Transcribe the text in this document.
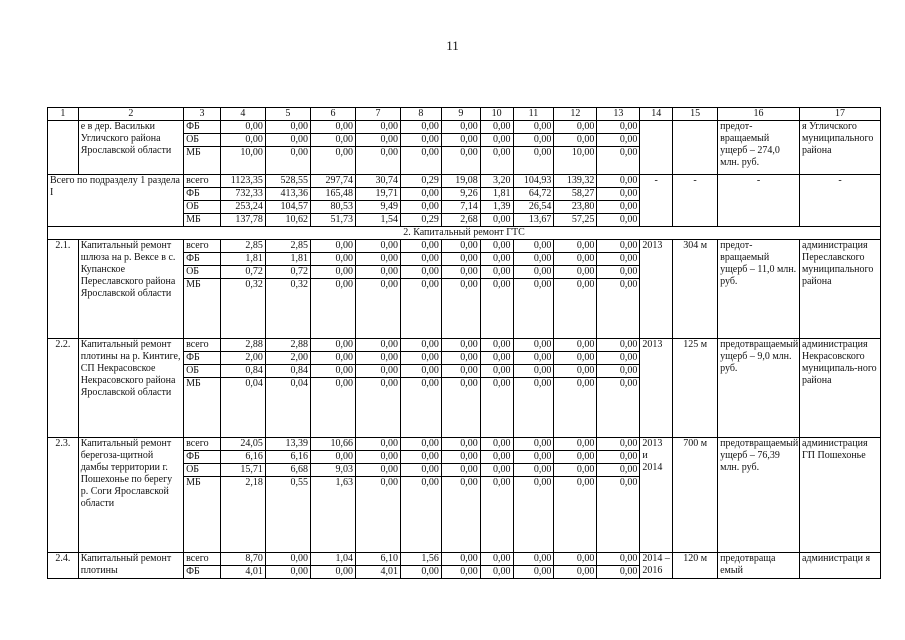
11
1	2	3	4	5	6	7	8	9	10	11	12	13	14	15	16	17
	е в дер. Васильки Угличского района Ярославской области	ФБ	0,00	0,00	0,00	0,00	0,00	0,00	0,00	0,00	0,00	0,00			предот-вращаемый ущерб – 274,0 млн. руб.	я Угличского муниципального района
		ОБ	0,00	0,00	0,00	0,00	0,00	0,00	0,00	0,00	0,00	0,00				
		МБ	10,00	0,00	0,00	0,00	0,00	0,00	0,00	0,00	10,00	0,00				
Всего по подразделу 1 раздела I		всего	1123,35	528,55	297,74	30,74	0,29	19,08	3,20	104,93	139,32	0,00	-	-	-	-
		ФБ	732,33	413,36	165,48	19,71	0,00	9,26	1,81	64,72	58,27	0,00				
		ОБ	253,24	104,57	80,53	9,49	0,00	7,14	1,39	26,54	23,80	0,00				
		МБ	137,78	10,62	51,73	1,54	0,29	2,68	0,00	13,67	57,25	0,00				
2. Капитальный ремонт ГТС																
2.1.	Капитальный ремонт шлюза на р. Вексе в с. Купанское Переславского района Ярославской области	всего	2,85	2,85	0,00	0,00	0,00	0,00	0,00	0,00	0,00	0,00	2013	304 м	предот-вращаемый ущерб – 11,0 млн. руб.	администрация Переславского муниципального района
		ФБ	1,81	1,81	0,00	0,00	0,00	0,00	0,00	0,00	0,00	0,00				
		ОБ	0,72	0,72	0,00	0,00	0,00	0,00	0,00	0,00	0,00	0,00				
		МБ	0,32	0,32	0,00	0,00	0,00	0,00	0,00	0,00	0,00	0,00				
2.2.	Капитальный ремонт плотины на р. Кинтиге, СП Некрасовское Некрасовского района Ярославской области	всего	2,88	2,88	0,00	0,00	0,00	0,00	0,00	0,00	0,00	0,00	2013	125 м	предотвращаемый ущерб – 9,0 млн. руб.	администрация Некрасовского муниципаль-ного района
		ФБ	2,00	2,00	0,00	0,00	0,00	0,00	0,00	0,00	0,00	0,00				
		ОБ	0,84	0,84	0,00	0,00	0,00	0,00	0,00	0,00	0,00	0,00				
		МБ	0,04	0,04	0,00	0,00	0,00	0,00	0,00	0,00	0,00	0,00				
2.3.	Капитальный ремонт берегоза-щитной дамбы территории г. Пошехонье по берегу р. Соги Ярославской области	всего	24,05	13,39	10,66	0,00	0,00	0,00	0,00	0,00	0,00	0,00	2013 и 2014	700 м	предотвращаемый ущерб – 76,39 млн. руб.	администрация ГП Пошехонье
		ФБ	6,16	6,16	0,00	0,00	0,00	0,00	0,00	0,00	0,00	0,00				
		ОБ	15,71	6,68	9,03	0,00	0,00	0,00	0,00	0,00	0,00	0,00				
		МБ	2,18	0,55	1,63	0,00	0,00	0,00	0,00	0,00	0,00	0,00				
2.4.	Капитальный ремонт плотины	всего	8,70	0,00	1,04	6,10	1,56	0,00	0,00	0,00	0,00	0,00	2014 – 2016	120 м	предотвраща емый	администраци я
		ФБ	4,01	0,00	0,00	4,01	0,00	0,00	0,00	0,00	0,00	0,00				
